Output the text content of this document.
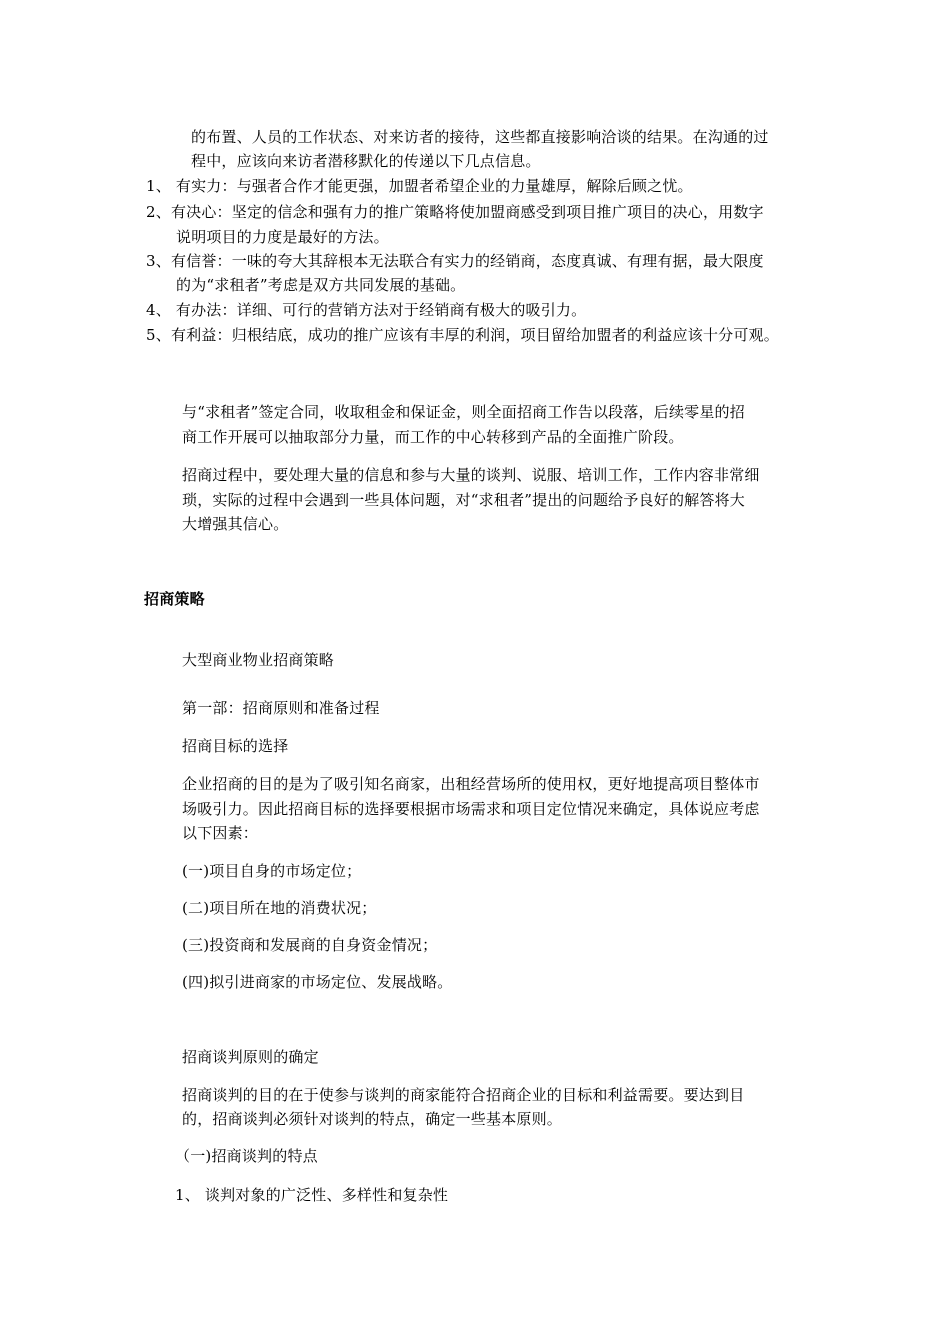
的布置、人员的工作状态、对来访者的接待，这些都直接影响洽谈的结果。在沟通的过
程中，应该向来访者潜移默化的传递以下几点信息。
1、 有实力：与强者合作才能更强，加盟者希望企业的力量雄厚，解除后顾之忧。
2、有决心：坚定的信念和强有力的推广策略将使加盟商感受到项目推广项目的决心，用数字
说明项目的力度是最好的方法。
3、有信誉：一味的夸大其辞根本无法联合有实力的经销商，态度真诚、有理有据，最大限度
的为“求租者”考虑是双方共同发展的基础。
4、 有办法：详细、可行的营销方法对于经销商有极大的吸引力。
5、有利益：归根结底，成功的推广应该有丰厚的利润，项目留给加盟者的利益应该十分可观。
与“求租者”签定合同，收取租金和保证金，则全面招商工作告以段落，后续零星的招
商工作开展可以抽取部分力量，而工作的中心转移到产品的全面推广阶段。
招商过程中，要处理大量的信息和参与大量的谈判、说服、培训工作，工作内容非常细
琐，实际的过程中会遇到一些具体问题，对“求租者”提出的问题给予良好的解答将大
大增强其信心。
招商策略
大型商业物业招商策略
第一部：招商原则和准备过程
招商目标的选择
企业招商的目的是为了吸引知名商家，出租经营场所的使用权，更好地提高项目整体市
场吸引力。因此招商目标的选择要根据市场需求和项目定位情况来确定，具体说应考虑
以下因素：
(一)项目自身的市场定位；
(二)项目所在地的消费状况；
(三)投资商和发展商的自身资金情况；
(四)拟引进商家的市场定位、发展战略。
招商谈判原则的确定
招商谈判的目的在于使参与谈判的商家能符合招商企业的目标和利益需要。要达到目
的，招商谈判必须针对谈判的特点，确定一些基本原则。
（一)招商谈判的特点
1、 谈判对象的广泛性、多样性和复杂性
